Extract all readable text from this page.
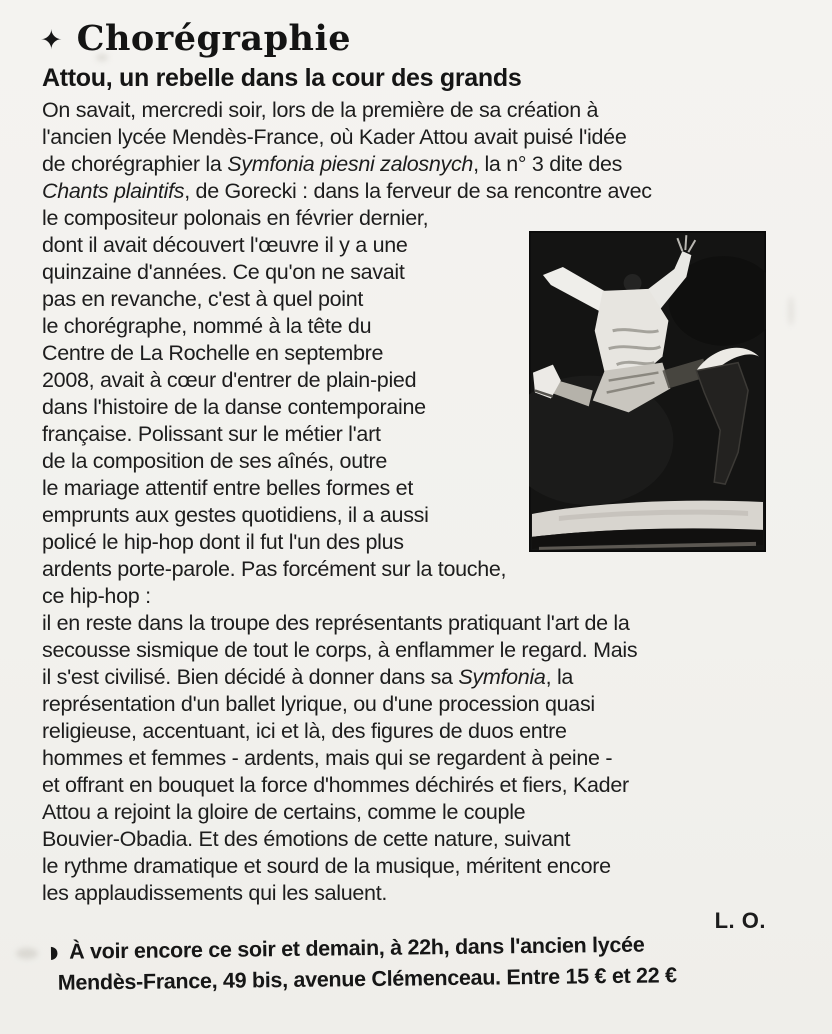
✦ Chorégraphie
Attou, un rebelle dans la cour des grands
On savait, mercredi soir, lors de la première de sa création à
l'ancien lycée Mendès-France, où Kader Attou avait puisé l'idée
de chorégraphier la Symfonia piesni zalosnych, la n° 3 dite des
Chants plaintifs, de Gorecki : dans la ferveur de sa rencontre avec
le compositeur polonais en février dernier,
dont il avait découvert l'œuvre il y a une
quinzaine d'années. Ce qu'on ne savait
pas en revanche, c'est à quel point
le chorégraphe, nommé à la tête du
Centre de La Rochelle en septembre
2008, avait à cœur d'entrer de plain-pied
dans l'histoire de la danse contemporaine
française. Polissant sur le métier l'art
de la composition de ses aînés, outre
le mariage attentif entre belles formes et
emprunts aux gestes quotidiens, il a aussi
policé le hip-hop dont il fut l'un des plus
ardents porte-parole. Pas forcément sur la touche, ce hip-hop :
il en reste dans la troupe des représentants pratiquant l'art de la
secousse sismique de tout le corps, à enflammer le regard. Mais
il s'est civilisé. Bien décidé à donner dans sa Symfonia, la
représentation d'un ballet lyrique, ou d'une procession quasi
religieuse, accentuant, ici et là, des figures de duos entre
hommes et femmes - ardents, mais qui se regardent à peine -
et offrant en bouquet la force d'hommes déchirés et fiers, Kader
Attou a rejoint la gloire de certains, comme le couple
Bouvier-Obadia. Et des émotions de cette nature, suivant
le rythme dramatique et sourd de la musique, méritent encore
les applaudissements qui les saluent.
L. O.
◗ À voir encore ce soir et demain, à 22h, dans l'ancien lycée
Mendès-France, 49 bis, avenue Clémenceau. Entre 15 € et 22 €
